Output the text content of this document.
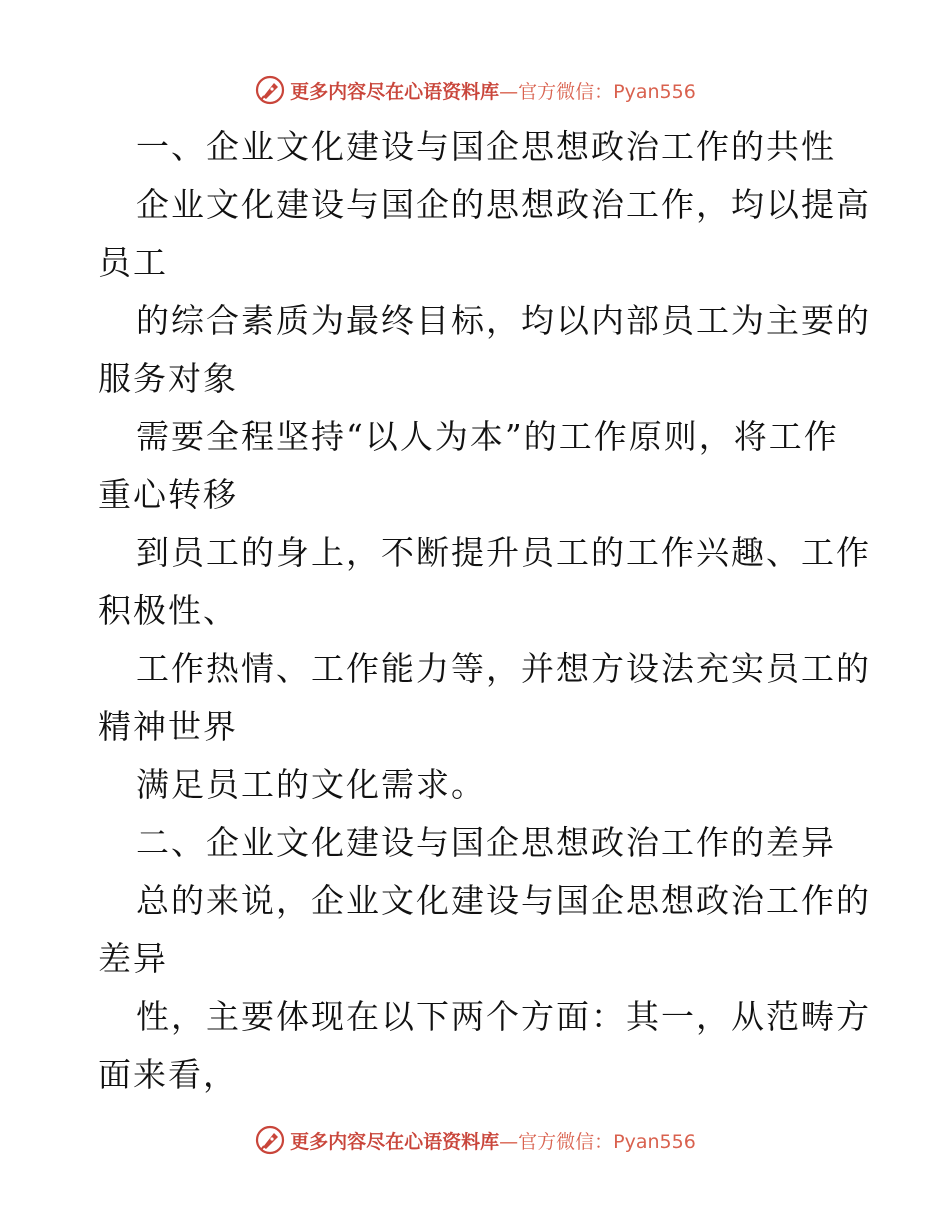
更多内容尽在心语资料库—官方微信：Pyan556
一、企业文化建设与国企思想政治工作的共性
企业文化建设与国企的思想政治工作，均以提高
员工
的综合素质为最终目标，均以内部员工为主要的
服务对象
需要全程坚持“以人为本”的工作原则，将工作
重心转移
到员工的身上，不断提升员工的工作兴趣、工作
积极性、
工作热情、工作能力等，并想方设法充实员工的
精神世界
满足员工的文化需求。
二、企业文化建设与国企思想政治工作的差异
总的来说，企业文化建设与国企思想政治工作的
差异
性，主要体现在以下两个方面：其一，从范畴方
面来看，
更多内容尽在心语资料库—官方微信：Pyan556
